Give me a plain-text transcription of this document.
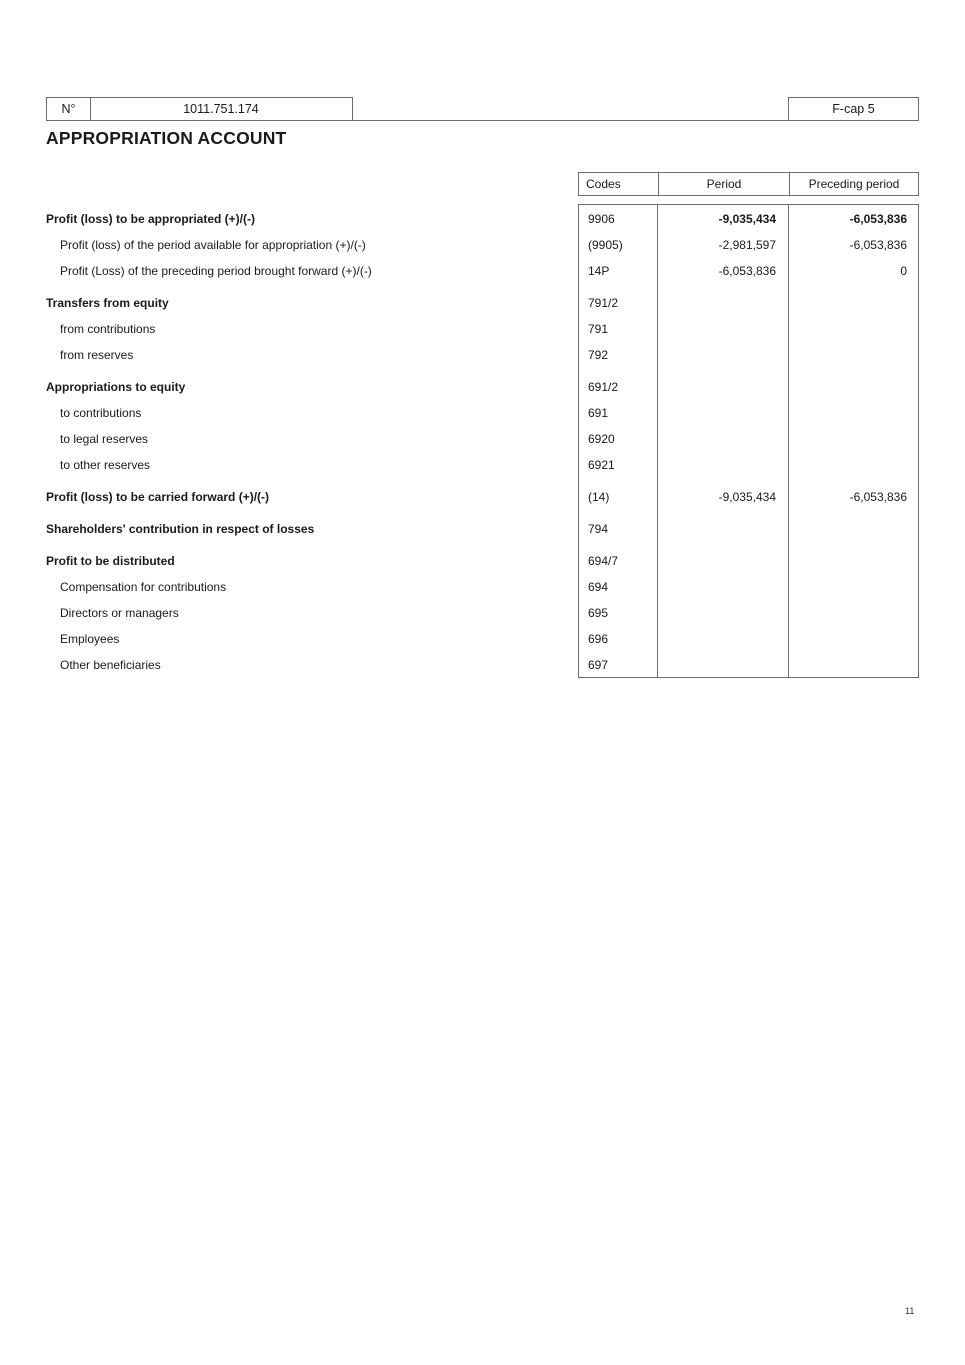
N°	1011.751.174	F-cap 5
APPROPRIATION ACCOUNT
Codes	Period	Preceding period
Profit (loss) to be appropriated (+)/(-)	9906	-9,035,434	-6,053,836
Profit (loss) of the period available for appropriation (+)/(-)	(9905)	-2,981,597	-6,053,836
Profit (Loss) of the preceding period brought forward (+)/(-)	14P	-6,053,836	0
Transfers from equity	791/2
from contributions	791
from reserves	792
Appropriations to equity	691/2
to contributions	691
to legal reserves	6920
to other reserves	6921
Profit (loss) to be carried forward (+)/(-)	(14)	-9,035,434	-6,053,836
Shareholders' contribution in respect of losses	794
Profit to be distributed	694/7
Compensation for contributions	694
Directors or managers	695
Employees	696
Other beneficiaries	697
11
